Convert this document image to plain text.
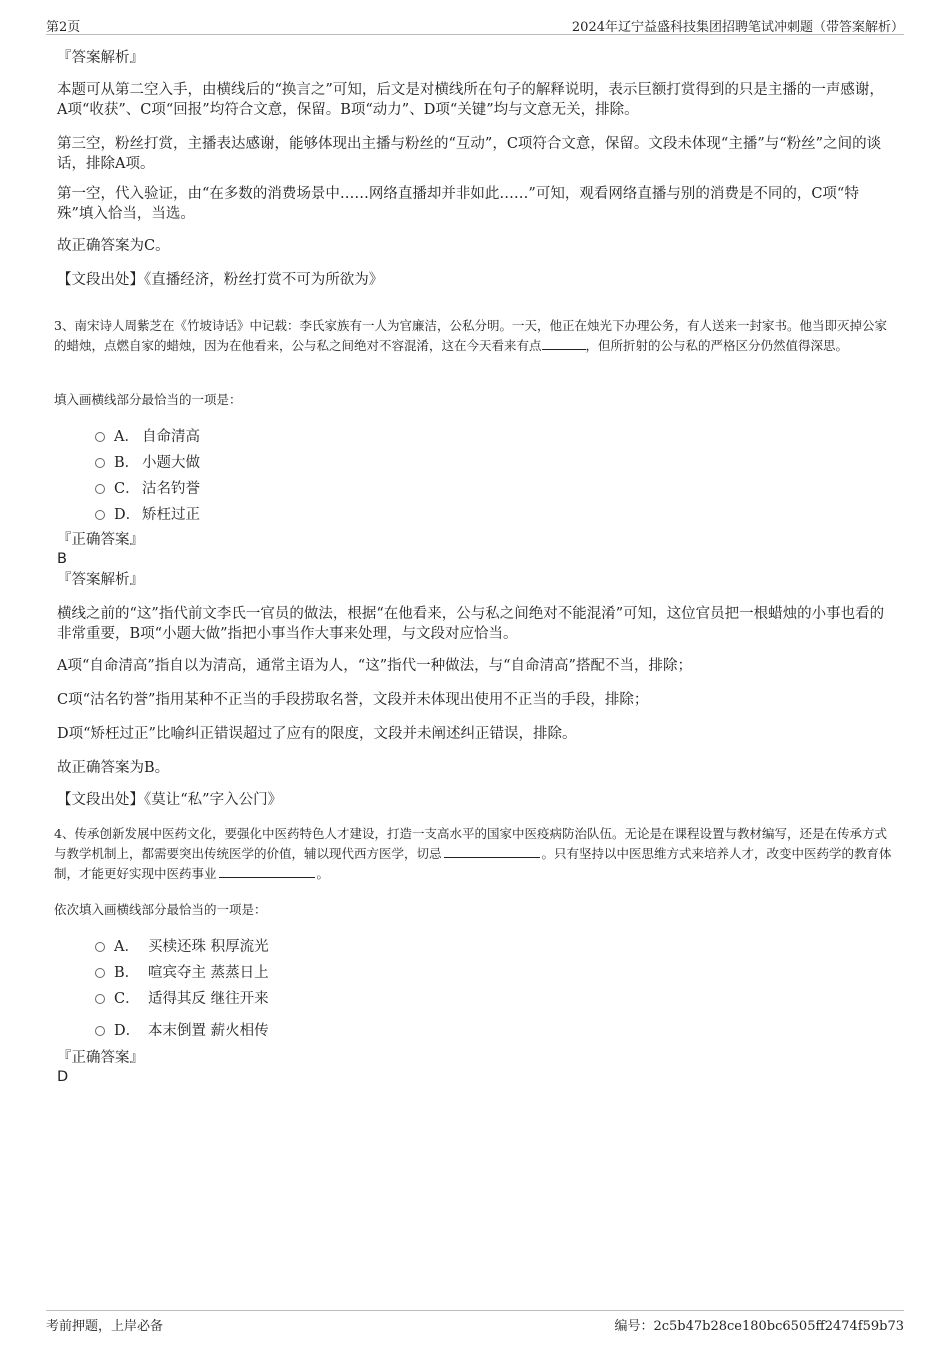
第2页	2024年辽宁益盛科技集团招聘笔试冲刺题（带答案解析）
『答案解析』

本题可从第二空入手，由横线后的“换言之”可知，后文是对横线所在句子的解释说明，表示巨额打赏得到的只是主播的一声感谢，A项“收获”、C项“回报”均符合文意，保留。B项“动力”、D项“关键”均与文意无关，排除。

第三空，粉丝打赏，主播表达感谢，能够体现出主播与粉丝的“互动”，C项符合文意，保留。文段未体现“主播”与“粉丝”之间的谈话，排除A项。

第一空，代入验证，由“在多数的消费场景中……网络直播却并非如此……”可知，观看网络直播与别的消费是不同的，C项“特殊”填入恰当，当选。

故正确答案为C。

【文段出处】《直播经济，粉丝打赏不可为所欲为》

3、南宋诗人周紫芝在《竹坡诗话》中记载：李氏家族有一人为官廉洁，公私分明。一天，他正在烛光下办理公务，有人送来一封家书。他当即灭掉公家的蜡烛，点燃自家的蜡烛，因为在他看来，公与私之间绝对不容混淆，这在今天看来有点	，但所折射的公与私的严格区分仍然值得深思。

填入画横线部分最恰当的一项是：

A． 自命清高
B． 小题大做
C． 沽名钓誉
D． 矫枉过正
『正确答案』
B
『答案解析』

横线之前的“这”指代前文李氏一官员的做法，根据“在他看来，公与私之间绝对不能混淆”可知，这位官员把一根蜡烛的小事也看的非常重要，B项“小题大做”指把小事当作大事来处理，与文段对应恰当。

A项“自命清高”指自以为清高，通常主语为人，“这”指代一种做法，与“自命清高”搭配不当，排除；

C项“沽名钓誉”指用某种不正当的手段捞取名誉，文段并未体现出使用不正当的手段，排除；

D项“矫枉过正”比喻纠正错误超过了应有的限度，文段并未阐述纠正错误，排除。

故正确答案为B。

【文段出处】《莫让“私”字入公门》

4、传承创新发展中医药文化，要强化中医药特色人才建设，打造一支高水平的国家中医疫病防治队伍。无论是在课程设置与教材编写，还是在传承方式与教学机制上，都需要突出传统医学的价值，辅以现代西方医学，切忌	。只有坚持以中医思维方式来培养人才，改变中医药学的教育体制，才能更好实现中医药事业	。

依次填入画横线部分最恰当的一项是：

A． 买椟还珠 积厚流光
B． 喧宾夺主 蒸蒸日上
C． 适得其反 继往开来
D． 本末倒置 薪火相传
『正确答案』
D
考前押题，上岸必备	编号：2c5b47b28ce180bc6505ff2474f59b73
